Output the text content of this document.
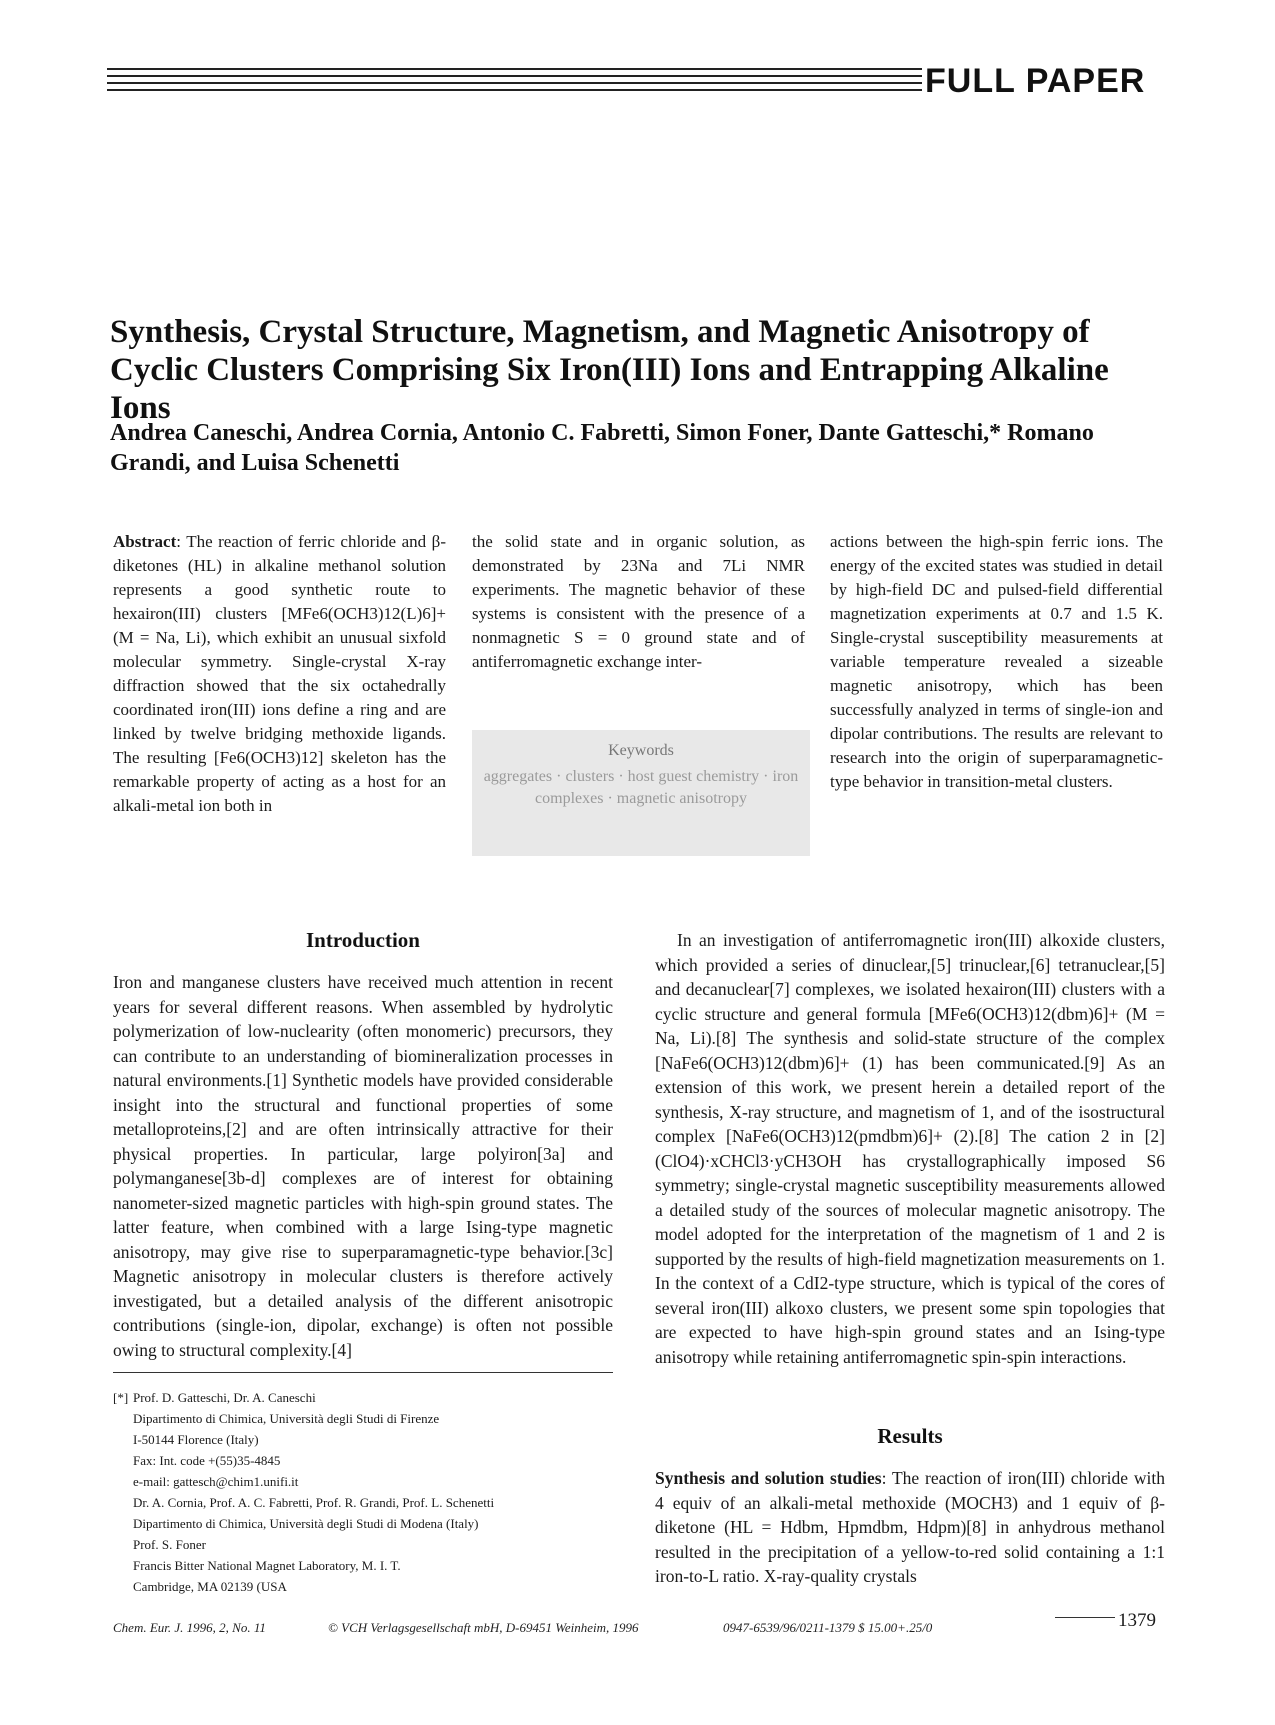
FULL PAPER
Synthesis, Crystal Structure, Magnetism, and Magnetic Anisotropy of Cyclic Clusters Comprising Six Iron(III) Ions and Entrapping Alkaline Ions
Andrea Caneschi, Andrea Cornia, Antonio C. Fabretti, Simon Foner, Dante Gatteschi,* Romano Grandi, and Luisa Schenetti
Abstract: The reaction of ferric chloride and β-diketones (HL) in alkaline methanol solution represents a good synthetic route to hexairon(III) clusters [MFe6(OCH3)12(L)6]+ (M = Na, Li), which exhibit an unusual sixfold molecular symmetry. Single-crystal X-ray diffraction showed that the six octahedrally coordinated iron(III) ions define a ring and are linked by twelve bridging methoxide ligands. The resulting [Fe6(OCH3)12] skeleton has the remarkable property of acting as a host for an alkali-metal ion both in
the solid state and in organic solution, as demonstrated by 23Na and 7Li NMR experiments. The magnetic behavior of these systems is consistent with the presence of a nonmagnetic S = 0 ground state and of antiferromagnetic exchange inter-
actions between the high-spin ferric ions. The energy of the excited states was studied in detail by high-field DC and pulsed-field differential magnetization experiments at 0.7 and 1.5 K. Single-crystal susceptibility measurements at variable temperature revealed a sizeable magnetic anisotropy, which has been successfully analyzed in terms of single-ion and dipolar contributions. The results are relevant to research into the origin of superparamagnetic-type behavior in transition-metal clusters.
Keywords
aggregates · clusters · host guest chemistry · iron complexes · magnetic anisotropy
Introduction
Iron and manganese clusters have received much attention in recent years for several different reasons. When assembled by hydrolytic polymerization of low-nuclearity (often monomeric) precursors, they can contribute to an understanding of biomineralization processes in natural environments.[1] Synthetic models have provided considerable insight into the structural and functional properties of some metalloproteins,[2] and are often intrinsically attractive for their physical properties. In particular, large polyiron[3a] and polymanganese[3b-d] complexes are of interest for obtaining nanometer-sized magnetic particles with high-spin ground states. The latter feature, when combined with a large Ising-type magnetic anisotropy, may give rise to superparamagnetic-type behavior.[3c] Magnetic anisotropy in molecular clusters is therefore actively investigated, but a detailed analysis of the different anisotropic contributions (single-ion, dipolar, exchange) is often not possible owing to structural complexity.[4]
In an investigation of antiferromagnetic iron(III) alkoxide clusters, which provided a series of dinuclear,[5] trinuclear,[6] tetranuclear,[5] and decanuclear[7] complexes, we isolated hexairon(III) clusters with a cyclic structure and general formula [MFe6(OCH3)12(dbm)6]+ (M = Na, Li).[8] The synthesis and solid-state structure of the complex [NaFe6(OCH3)12(dbm)6]+ (1) has been communicated.[9] As an extension of this work, we present herein a detailed report of the synthesis, X-ray structure, and magnetism of 1, and of the isostructural complex [NaFe6(OCH3)12(pmdbm)6]+ (2).[8] The cation 2 in [2](ClO4)·xCHCl3·yCH3OH has crystallographically imposed S6 symmetry; single-crystal magnetic susceptibility measurements allowed a detailed study of the sources of molecular magnetic anisotropy. The model adopted for the interpretation of the magnetism of 1 and 2 is supported by the results of high-field magnetization measurements on 1. In the context of a CdI2-type structure, which is typical of the cores of several iron(III) alkoxo clusters, we present some spin topologies that are expected to have high-spin ground states and an Ising-type anisotropy while retaining antiferromagnetic spin-spin interactions.
Results
Synthesis and solution studies: The reaction of iron(III) chloride with 4 equiv of an alkali-metal methoxide (MOCH3) and 1 equiv of β-diketone (HL = Hdbm, Hpmdbm, Hdpm)[8] in anhydrous methanol resulted in the precipitation of a yellow-to-red solid containing a 1:1 iron-to-L ratio. X-ray-quality crystals
[*] Prof. D. Gatteschi, Dr. A. Caneschi

Dipartimento di Chimica, Università degli Studi di Firenze

I-50144 Florence (Italy)

Fax: Int. code +(55)35-4845

e-mail: gattesch@chim1.unifi.it

Dr. A. Cornia, Prof. A. C. Fabretti, Prof. R. Grandi, Prof. L. Schenetti

Dipartimento di Chimica, Università degli Studi di Modena (Italy)

Prof. S. Foner

Francis Bitter National Magnet Laboratory, M. I. T.

Cambridge, MA 02139 (USA

Chem. Eur. J. 1996, 2, No. 11	© VCH Verlagsgesellschaft mbH, D-69451 Weinheim, 1996	0947-6539/96/0211-1379 $ 15.00+.25/0	1379
